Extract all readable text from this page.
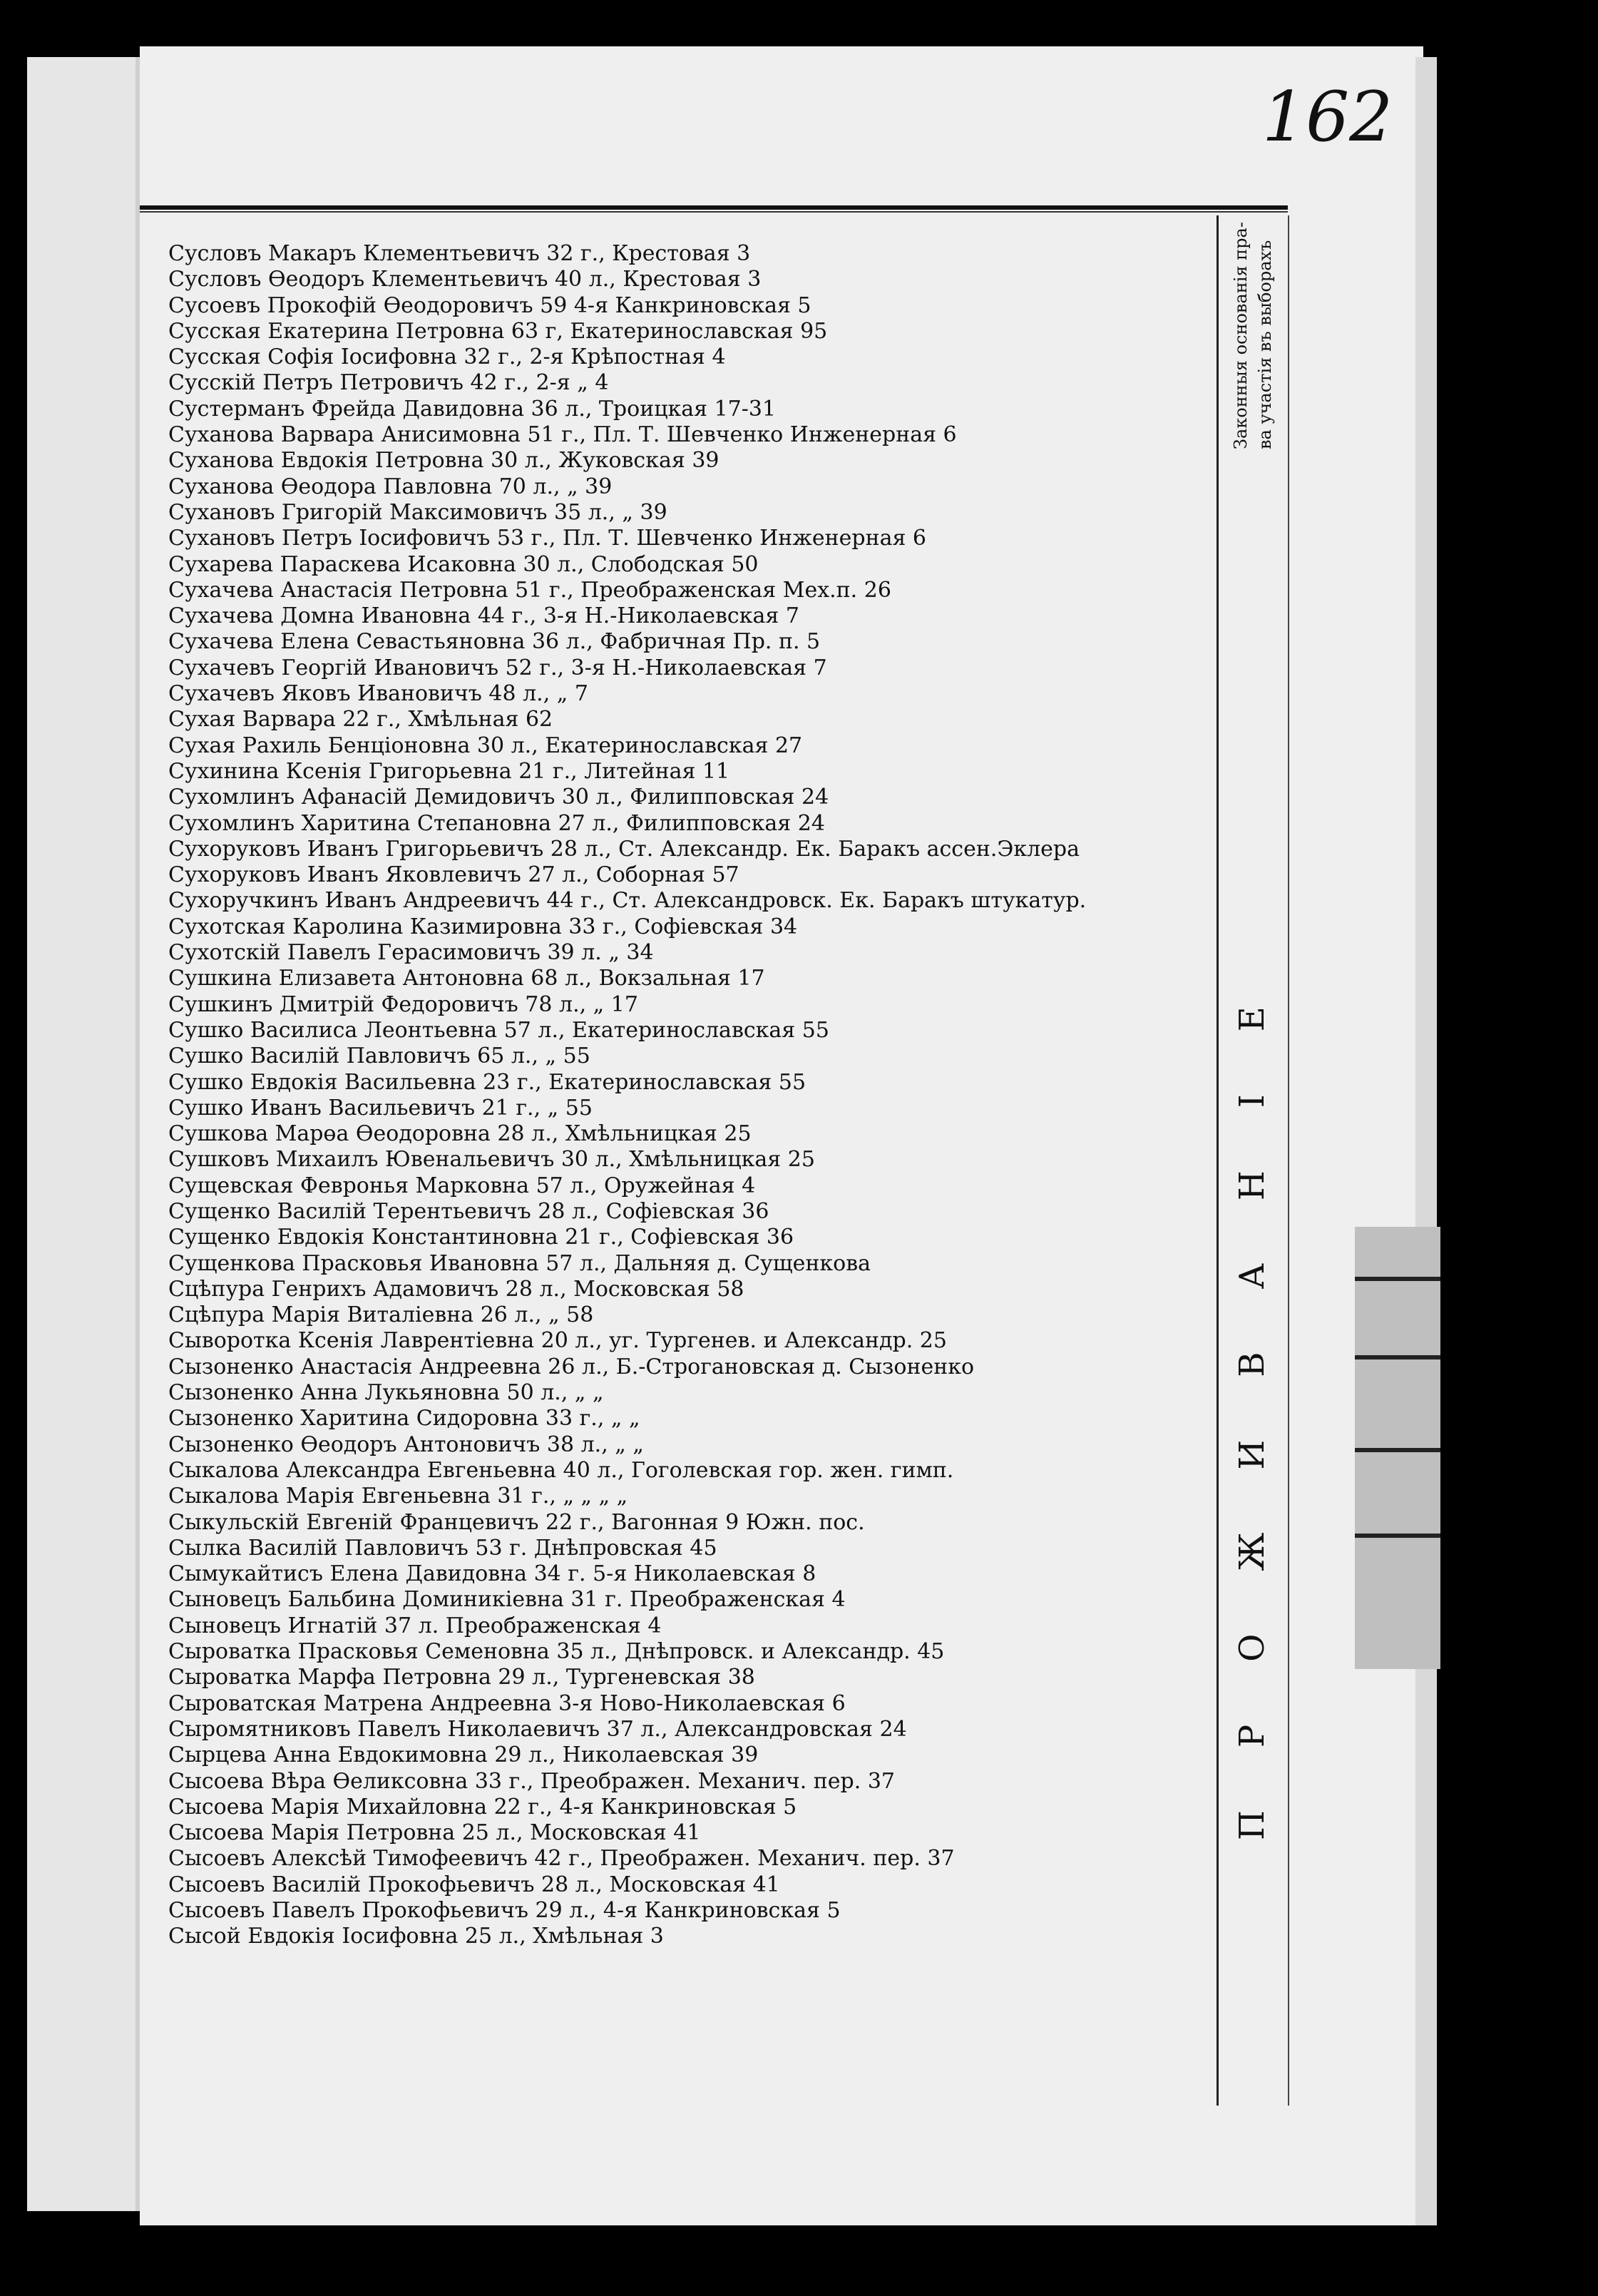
162
Законныя основанія пра- ва участія въ выборахъ
ПРОЖИВАНІЕ
Сусловъ Макаръ Клементьевичъ 32 г., Крестовая 3
Сусловъ Өеодоръ Клементьевичъ 40 л., Крестовая 3
Сусоевъ Прокофій Өеодоровичъ 59 4-я Канкриновская 5
Сусская Екатерина Петровна 63 г, Екатеринославская 95
Сусская Софія Іосифовна 32 г., 2-я Крѣпостная 4
Сусскій Петръ Петровичъ 42 г., 2-я „ 4
Сустерманъ Фрейда Давидовна 36 л., Троицкая 17-31
Суханова Варвара Анисимовна 51 г., Пл. Т. Шевченко Инженерная 6
Суханова Евдокія Петровна 30 л., Жуковская 39
Суханова Өеодора Павловна 70 л., „ 39
Сухановъ Григорій Максимовичъ 35 л., „ 39
Сухановъ Петръ Іосифовичъ 53 г., Пл. Т. Шевченко Инженерная 6
Сухарева Параскева Исаковна 30 л., Слободская 50
Сухачева Анастасія Петровна 51 г., Преображенская Мех.п. 26
Сухачева Домна Ивановна 44 г., 3-я Н.-Николаевская 7
Сухачева Елена Севастьяновна 36 л., Фабричная Пр. п. 5
Сухачевъ Георгій Ивановичъ 52 г., 3-я Н.-Николаевская 7
Сухачевъ Яковъ Ивановичъ 48 л., „ 7
Сухая Варвара 22 г., Хмѣльная 62
Сухая Рахиль Бенціоновна 30 л., Екатеринославская 27
Сухинина Ксенія Григорьевна 21 г., Литейная 11
Сухомлинъ Афанасій Демидовичъ 30 л., Филипповская 24
Сухомлинъ Харитина Степановна 27 л., Филипповская 24
Сухоруковъ Иванъ Григорьевичъ 28 л., Ст. Александр. Ек. Баракъ ассен.Эклера
Сухоруковъ Иванъ Яковлевичъ 27 л., Соборная 57
Сухоручкинъ Иванъ Андреевичъ 44 г., Ст. Александровск. Ек. Баракъ штукатур.
Сухотская Каролина Казимировна 33 г., Софіевская 34
Сухотскій Павелъ Герасимовичъ 39 л. „ 34
Сушкина Елизавета Антоновна 68 л., Вокзальная 17
Сушкинъ Дмитрій Федоровичъ 78 л., „ 17
Сушко Василиса Леонтьевна 57 л., Екатеринославская 55
Сушко Василій Павловичъ 65 л., „ 55
Сушко Евдокія Васильевна 23 г., Екатеринославская 55
Сушко Иванъ Васильевичъ 21 г., „ 55
Сушкова Марөа Өеодоровна 28 л., Хмѣльницкая 25
Сушковъ Михаилъ Ювенальевичъ 30 л., Хмѣльницкая 25
Сущевская Февронья Марковна 57 л., Оружейная 4
Сущенко Василій Терентьевичъ 28 л., Софіевская 36
Сущенко Евдокія Константиновна 21 г., Софіевская 36
Сущенкова Прасковья Ивановна 57 л., Дальняя д. Сущенкова
Сцѣпура Генрихъ Адамовичъ 28 л., Московская 58
Сцѣпура Марія Виталіевна 26 л., „ 58
Сыворотка Ксенія Лаврентіевна 20 л., уг. Тургенев. и Александр. 25
Сызоненко Анастасія Андреевна 26 л., Б.-Строгановская д. Сызоненко
Сызоненко Анна Лукьяновна 50 л., „ „
Сызоненко Харитина Сидоровна 33 г., „ „
Сызоненко Өеодоръ Антоновичъ 38 л., „ „
Сыкалова Александра Евгеньевна 40 л., Гоголевская гор. жен. гимп.
Сыкалова Марія Евгеньевна 31 г., „ „ „ „
Сыкульскій Евгеній Францевичъ 22 г., Вагонная 9 Южн. пос.
Сылка Василій Павловичъ 53 г. Днѣпровская 45
Сымукайтисъ Елена Давидовна 34 г. 5-я Николаевская 8
Сыновецъ Бальбина Доминикіевна 31 г. Преображенская 4
Сыновецъ Игнатій 37 л. Преображенская 4
Сыроватка Прасковья Семеновна 35 л., Днѣпровск. и Александр. 45
Сыроватка Марфа Петровна 29 л., Тургеневская 38
Сыроватская Матрена Андреевна 3-я Ново-Николаевская 6
Сыромятниковъ Павелъ Николаевичъ 37 л., Александровская 24
Сырцева Анна Евдокимовна 29 л., Николаевская 39
Сысоева Вѣра Өеликсовна 33 г., Преображен. Механич. пер. 37
Сысоева Марія Михайловна 22 г., 4-я Канкриновская 5
Сысоева Марія Петровна 25 л., Московская 41
Сысоевъ Алексѣй Тимофеевичъ 42 г., Преображен. Механич. пер. 37
Сысоевъ Василій Прокофьевичъ 28 л., Московская 41
Сысоевъ Павелъ Прокофьевичъ 29 л., 4-я Канкриновская 5
Сысой Евдокія Іосифовна 25 л., Хмѣльная 3
